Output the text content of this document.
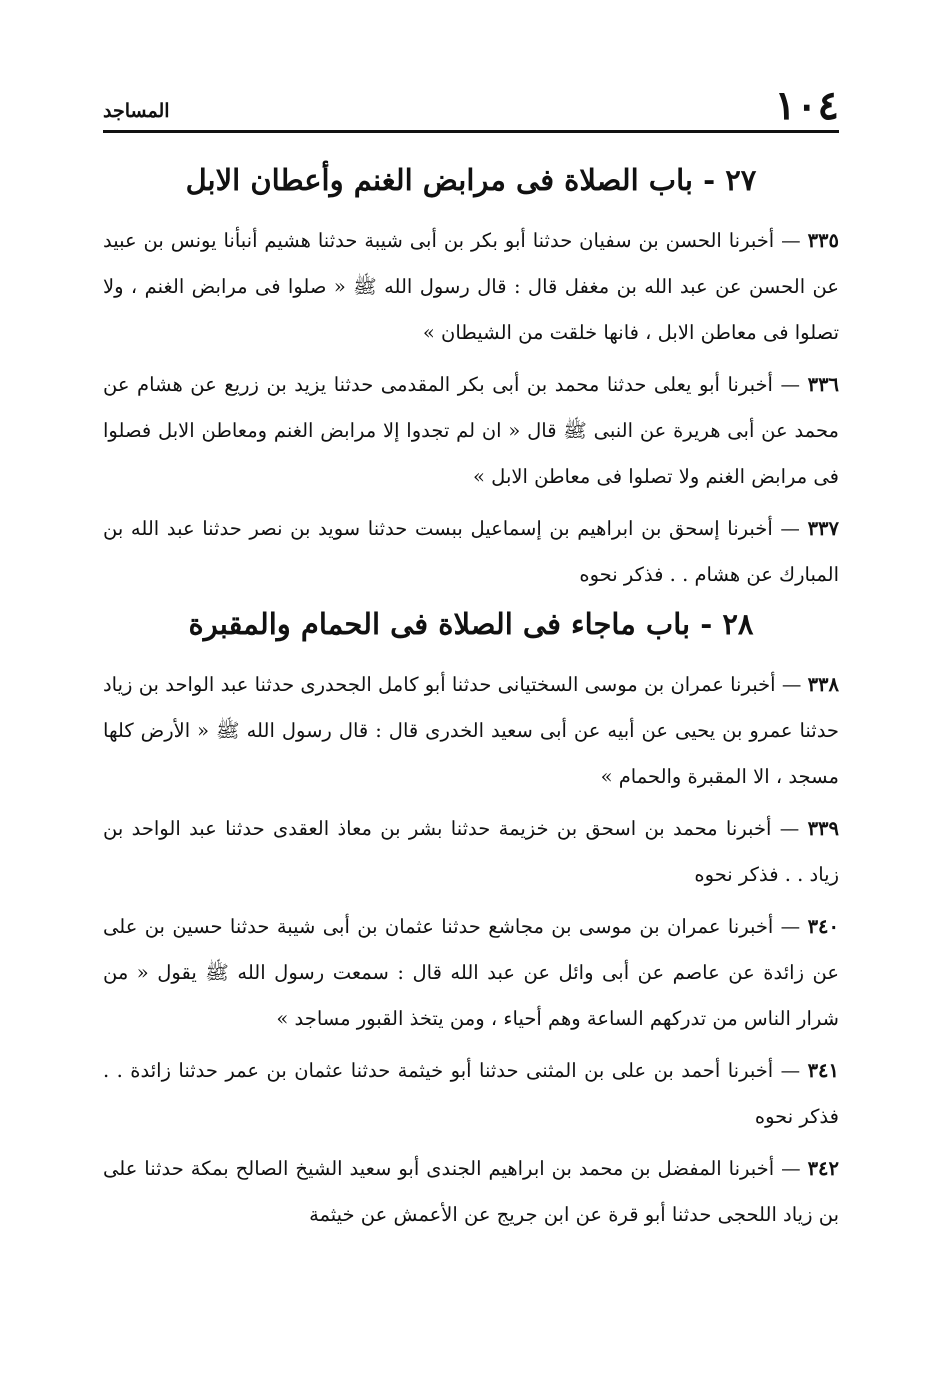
١٠٤
المساجد
٢٧ - باب الصلاة فى مرابض الغنم وأعطان الابل

٣٣٥ — أخبرنا الحسن بن سفيان حدثنا أبو بكر بن أبى شيبة حدثنا هشيم أنبأنا يونس بن عبيد عن الحسن عن عبد الله بن مغفل قال : قال رسول الله ﷺ « صلوا فى مرابض الغنم ، ولا تصلوا فى معاطن الابل ، فانها خلقت من الشيطان »

٣٣٦ — أخبرنا أبو يعلى حدثنا محمد بن أبى بكر المقدمى حدثنا يزيد بن زريع عن هشام عن محمد عن أبى هريرة عن النبى ﷺ قال « ان لم تجدوا إلا مرابض الغنم ومعاطن الابل فصلوا فى مرابض الغنم ولا تصلوا فى معاطن الابل »

٣٣٧ — أخبرنا إسحق بن ابراهيم بن إسماعيل ببست حدثنا سويد بن نصر حدثنا عبد الله بن المبارك عن هشام . . فذكر نحوه

٢٨ - باب ماجاء فى الصلاة فى الحمام والمقبرة

٣٣٨ — أخبرنا عمران بن موسى السختيانى حدثنا أبو كامل الجحدرى حدثنا عبد الواحد بن زياد حدثنا عمرو بن يحيى عن أبيه عن أبى سعيد الخدرى قال : قال رسول الله ﷺ « الأرض كلها مسجد ، الا المقبرة والحمام »

٣٣٩ — أخبرنا محمد بن اسحق بن خزيمة حدثنا بشر بن معاذ العقدى حدثنا عبد الواحد بن زياد . . فذكر نحوه

٣٤٠ — أخبرنا عمران بن موسى بن مجاشع حدثنا عثمان بن أبى شيبة حدثنا حسين بن على عن زائدة عن عاصم عن أبى وائل عن عبد الله قال : سمعت رسول الله ﷺ يقول « من شرار الناس من تدركهم الساعة وهم أحياء ، ومن يتخذ القبور مساجد »

٣٤١ — أخبرنا أحمد بن على بن المثنى حدثنا أبو خيثمة حدثنا عثمان بن عمر حدثنا زائدة . . فذكر نحوه

٣٤٢ — أخبرنا المفضل بن محمد بن ابراهيم الجندى أبو سعيد الشيخ الصالح بمكة حدثنا على بن زياد اللحجى حدثنا أبو قرة عن ابن جريج عن الأعمش عن خيثمة
